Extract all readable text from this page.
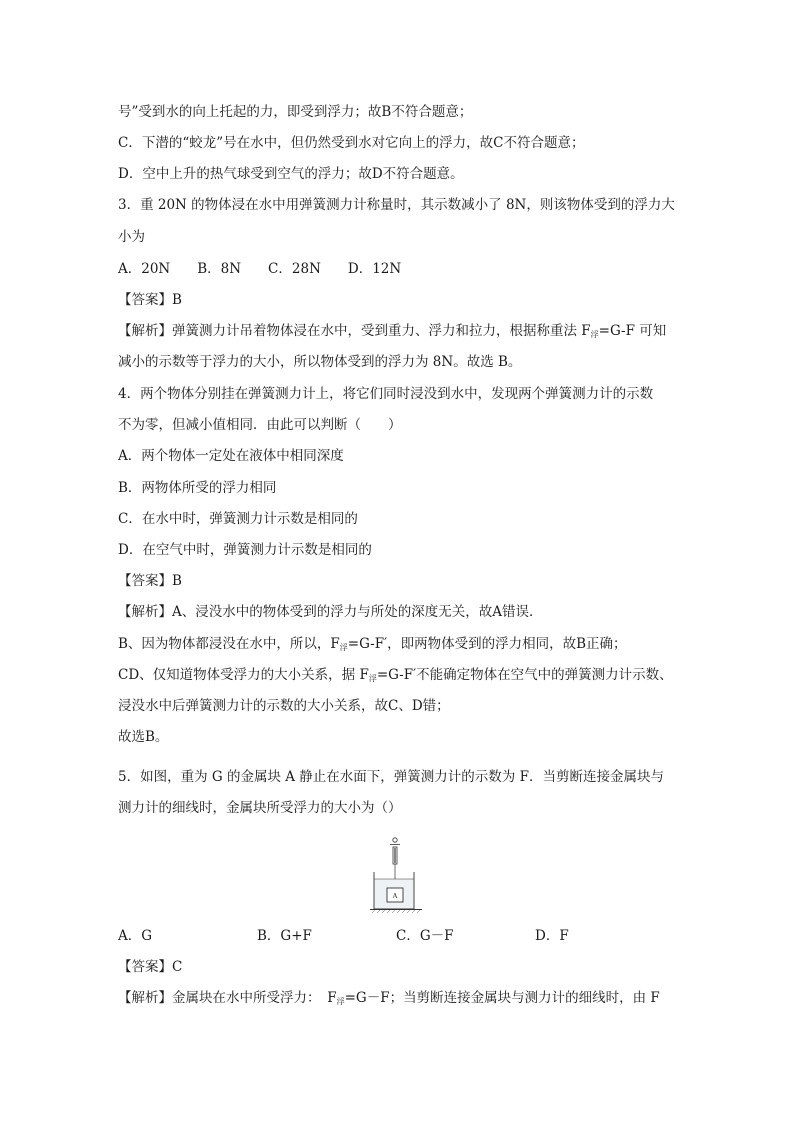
号”受到水的向上托起的力，即受到浮力；故B不符合题意；
C．下潜的“蛟龙”号在水中，但仍然受到水对它向上的浮力，故C不符合题意；
D．空中上升的热气球受到空气的浮力；故D不符合题意。
3．重 20N 的物体浸在水中用弹簧测力计称量时，其示数减小了 8N，则该物体受到的浮力大
小为
A．20N　　B．8N　　C．28N　　D．12N
【答案】B
【解析】弹簧测力计吊着物体浸在水中，受到重力、浮力和拉力，根据称重法 $F_浮=G-F$ 可知
减小的示数等于浮力的大小，所以物体受到的浮力为 8N。故选 B。
4．两个物体分别挂在弹簧测力计上，将它们同时浸没到水中，发现两个弹簧测力计的示数
不为零，但减小值相同．由此可以判断（　　）
A．两个物体一定处在液体中相同深度
B．两物体所受的浮力相同
C．在水中时，弹簧测力计示数是相同的
D．在空气中时，弹簧测力计示数是相同的
【答案】B
【解析】A、浸没水中的物体受到的浮力与所处的深度无关，故A错误．
B、因为物体都浸没在水中，所以，$F_浮=G-F'$，即两物体受到的浮力相同，故B正确；
CD、仅知道物体受浮力的大小关系，据 $F_浮=G-F'$不能确定物体在空气中的弹簧测力计示数、
浸没水中后弹簧测力计的示数的大小关系，故C、D错；
故选B。
5．如图，重为 G 的金属块 A 静止在水面下，弹簧测力计的示数为 F．当剪断连接金属块与
测力计的细线时，金属块所受浮力的大小为（）
A
A．G	B．G+F	C．G－F	D．F
【答案】C
【解析】金属块在水中所受浮力：　$F_浮=G-F$；当剪断连接金属块与测力计的细线时，由 F
